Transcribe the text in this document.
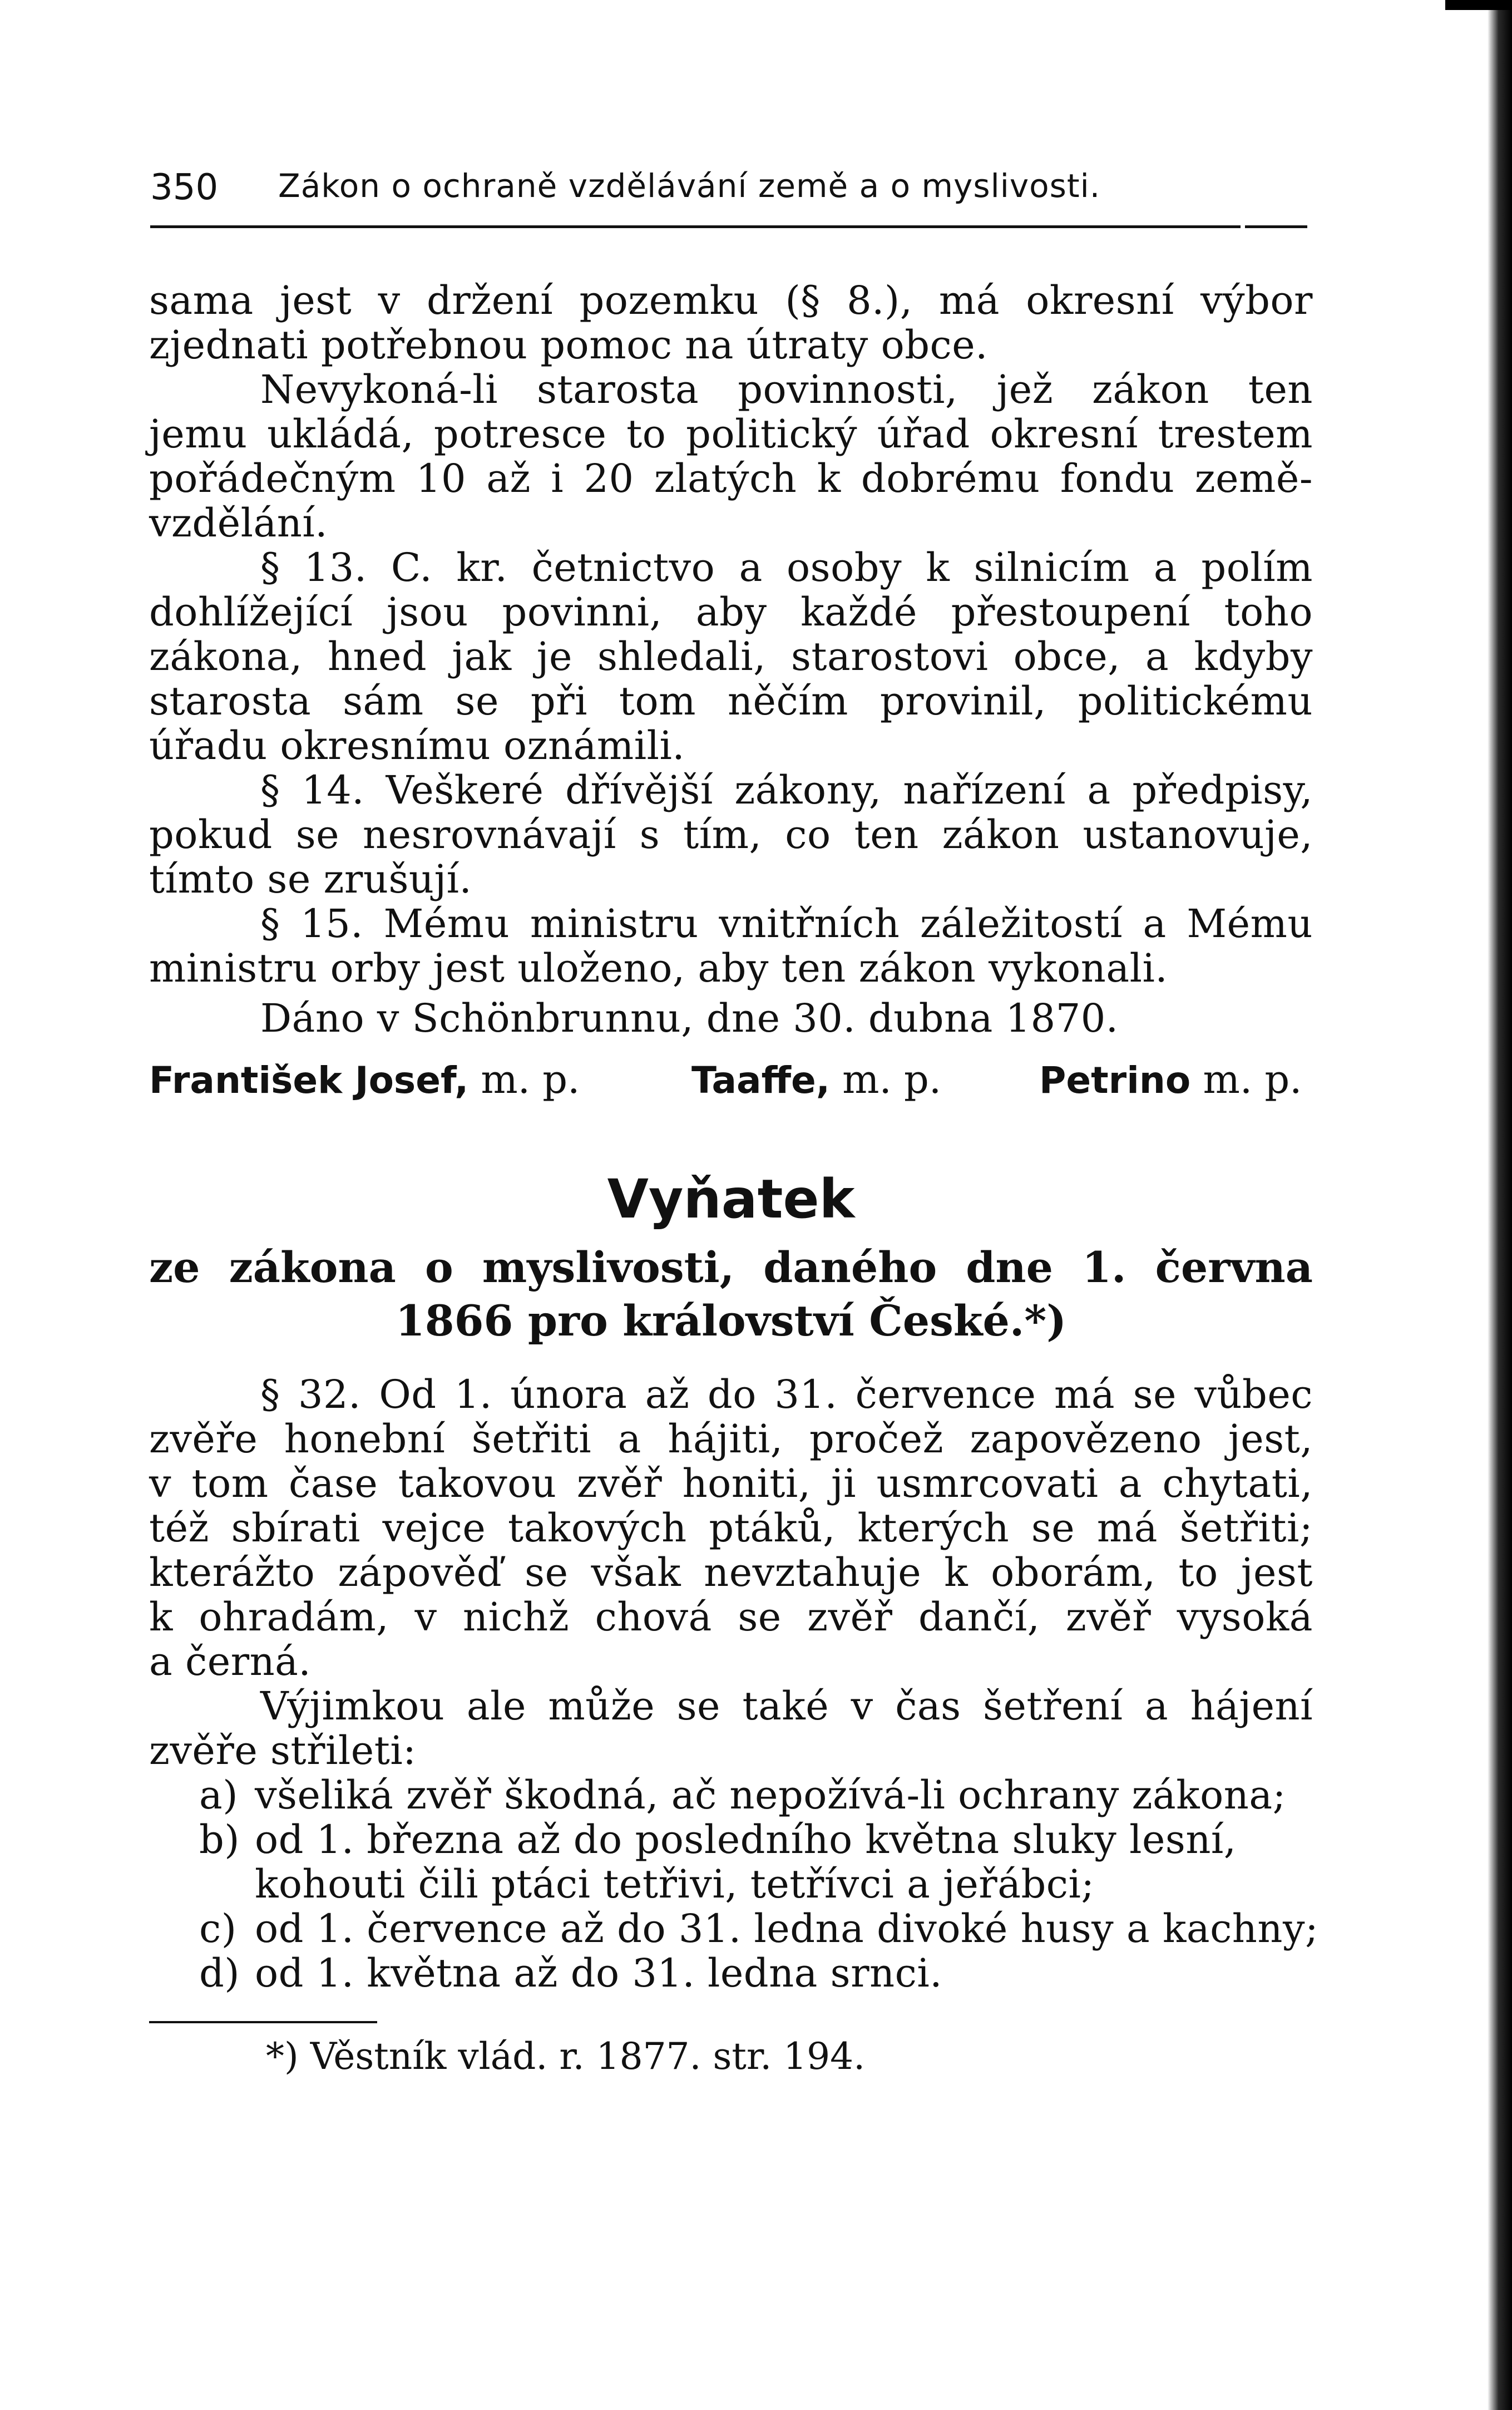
350 Zákon o ochraně vzdělávání země a o myslivosti.
sama jest v držení pozemku (§ 8.), má okresní výbor
zjednati potřebnou pomoc na útraty obce.
Nevykoná-li starosta povinnosti, jež zákon ten
jemu ukládá, potresce to politický úřad okresní trestem
pořádečným 10 až i 20 zlatých k dobrému fondu země-
vzdělání.
§ 13. C. kr. četnictvo a osoby k silnicím a polím
dohlížející jsou povinni, aby každé přestoupení toho
zákona, hned jak je shledali, starostovi obce, a kdyby
starosta sám se při tom něčím provinil, politickému
úřadu okresnímu oznámili.
§ 14. Veškeré dřívější zákony, nařízení a předpisy,
pokud se nesrovnávají s tím, co ten zákon ustanovuje,
tímto se zrušují.
§ 15. Mému ministru vnitřních záležitostí a Mému
ministru orby jest uloženo, aby ten zákon vykonali.
Dáno v Schönbrunnu, dne 30. dubna 1870.
František Josef, m. p.	Taaffe, m. p.	Petrino m. p.
Vyňatek
ze zákona o myslivosti, daného dne 1. června
1866 pro království České.*)
§ 32. Od 1. února až do 31. července má se vůbec
zvěře honební šetřiti a hájiti, pročež zapovězeno jest,
v tom čase takovou zvěř honiti, ji usmrcovati a chytati,
též sbírati vejce takových ptáků, kterých se má šetřiti;
kterážto zápověď se však nevztahuje k oborám, to jest
k ohradám, v nichž chová se zvěř dančí, zvěř vysoká
a černá.
Výjimkou ale může se také v čas šetření a hájení
zvěře střileti:
a) všeliká zvěř škodná, ač nepožívá-li ochrany zákona;
b) od 1. března až do posledního května sluky lesní,
kohouti čili ptáci tetřivi, tetřívci a jeřábci;
c) od 1. července až do 31. ledna divoké husy a kachny;
d) od 1. května až do 31. ledna srnci.
*) Věstník vlád. r. 1877. str. 194.
